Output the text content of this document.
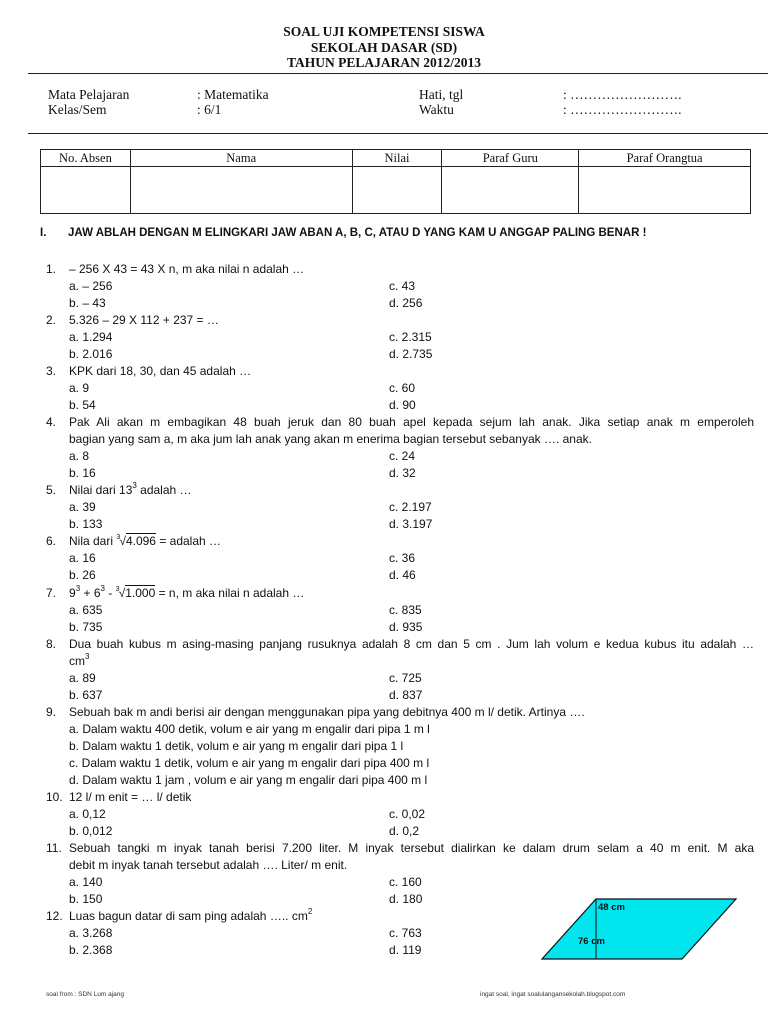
SOAL UJI KOMPETENSI SISWA
SEKOLAH DASAR (SD)
TAHUN PELAJARAN 2012/2013
Mata Pelajaran	: Matematika
Kelas/Sem	: 6/1
Hati, tgl	: …………………….
Waktu	: …………………….
No. Absen	Nama	Nilai	Paraf Guru	Paraf Orangtua

I. JAW ABLAH DENGAN M ELINGKARI JAW ABAN A, B, C, ATAU D YANG KAM U ANGGAP PALING BENAR !
1. – 256 X 43 = 43 X n, m aka nilai n adalah …
a. – 256
b. – 43
c. 43
d. 256
2. 5.326 – 29 X 112 + 237 = …
a. 1.294
b. 2.016
c. 2.315
d. 2.735
3. KPK dari 18, 30, dan 45 adalah …
a. 9
b. 54
c. 60
d. 90
4. Pak Ali akan m embagikan 48 buah jeruk dan 80 buah apel kepada sejum lah anak. Jika setiap anak m emperoleh
bagian yang sam a, m aka jum lah anak yang akan m enerima bagian tersebut sebanyak …. anak.
a. 8
b. 16
c. 24
d. 32
5. Nilai dari $13^3$ adalah …
a. 39
b. 133
c. 2.197
d. 3.197
6. Nila dari 3 √4.096 = adalah …
a. 16
b. 26
c. 36
d. 46
7. $9^3 + 6^3 - 3$ √1.000 = n, m aka nilai n adalah …
a. 635
b. 735
c. 835
d. 935
8. Dua buah kubus m asing-masing panjang rusuknya adalah 8 cm dan 5 cm . Jum lah volum e kedua kubus itu adalah …
$cm^3$
a. 89
b. 637
c. 725
d. 837
9. Sebuah bak m andi berisi air dengan menggunakan pipa yang debitnya 400 m l/ detik. Artinya ….
a. Dalam waktu 400 detik, volum e air yang m engalir dari pipa 1 m l
b. Dalam waktu 1 detik, volum e air yang m engalir dari pipa 1 l
c. Dalam waktu 1 detik, volum e air yang m engalir dari pipa 400 m l
d. Dalam waktu 1 jam , volum e air yang m engalir dari pipa 400 m l
10. 12 l/ m enit = … l/ detik
a. 0,12
b. 0,012
c. 0,02
d. 0,2
11. Sebuah tangki m inyak tanah berisi 7.200 liter. M inyak tersebut dialirkan ke dalam drum selam a 40 m enit. M aka
debit m inyak tanah tersebut adalah …. Liter/ m enit.
a. 140
b. 150
c. 160
d. 180
12. Luas bagun datar di sam ping adalah ….. $cm^2$
a. 3.268
b. 2.368
c. 763
d. 119
48 cm
76 cm
soal from : SDN Lum ajang	ingat soal, ingat soalulangansekolah.blogspot.com
